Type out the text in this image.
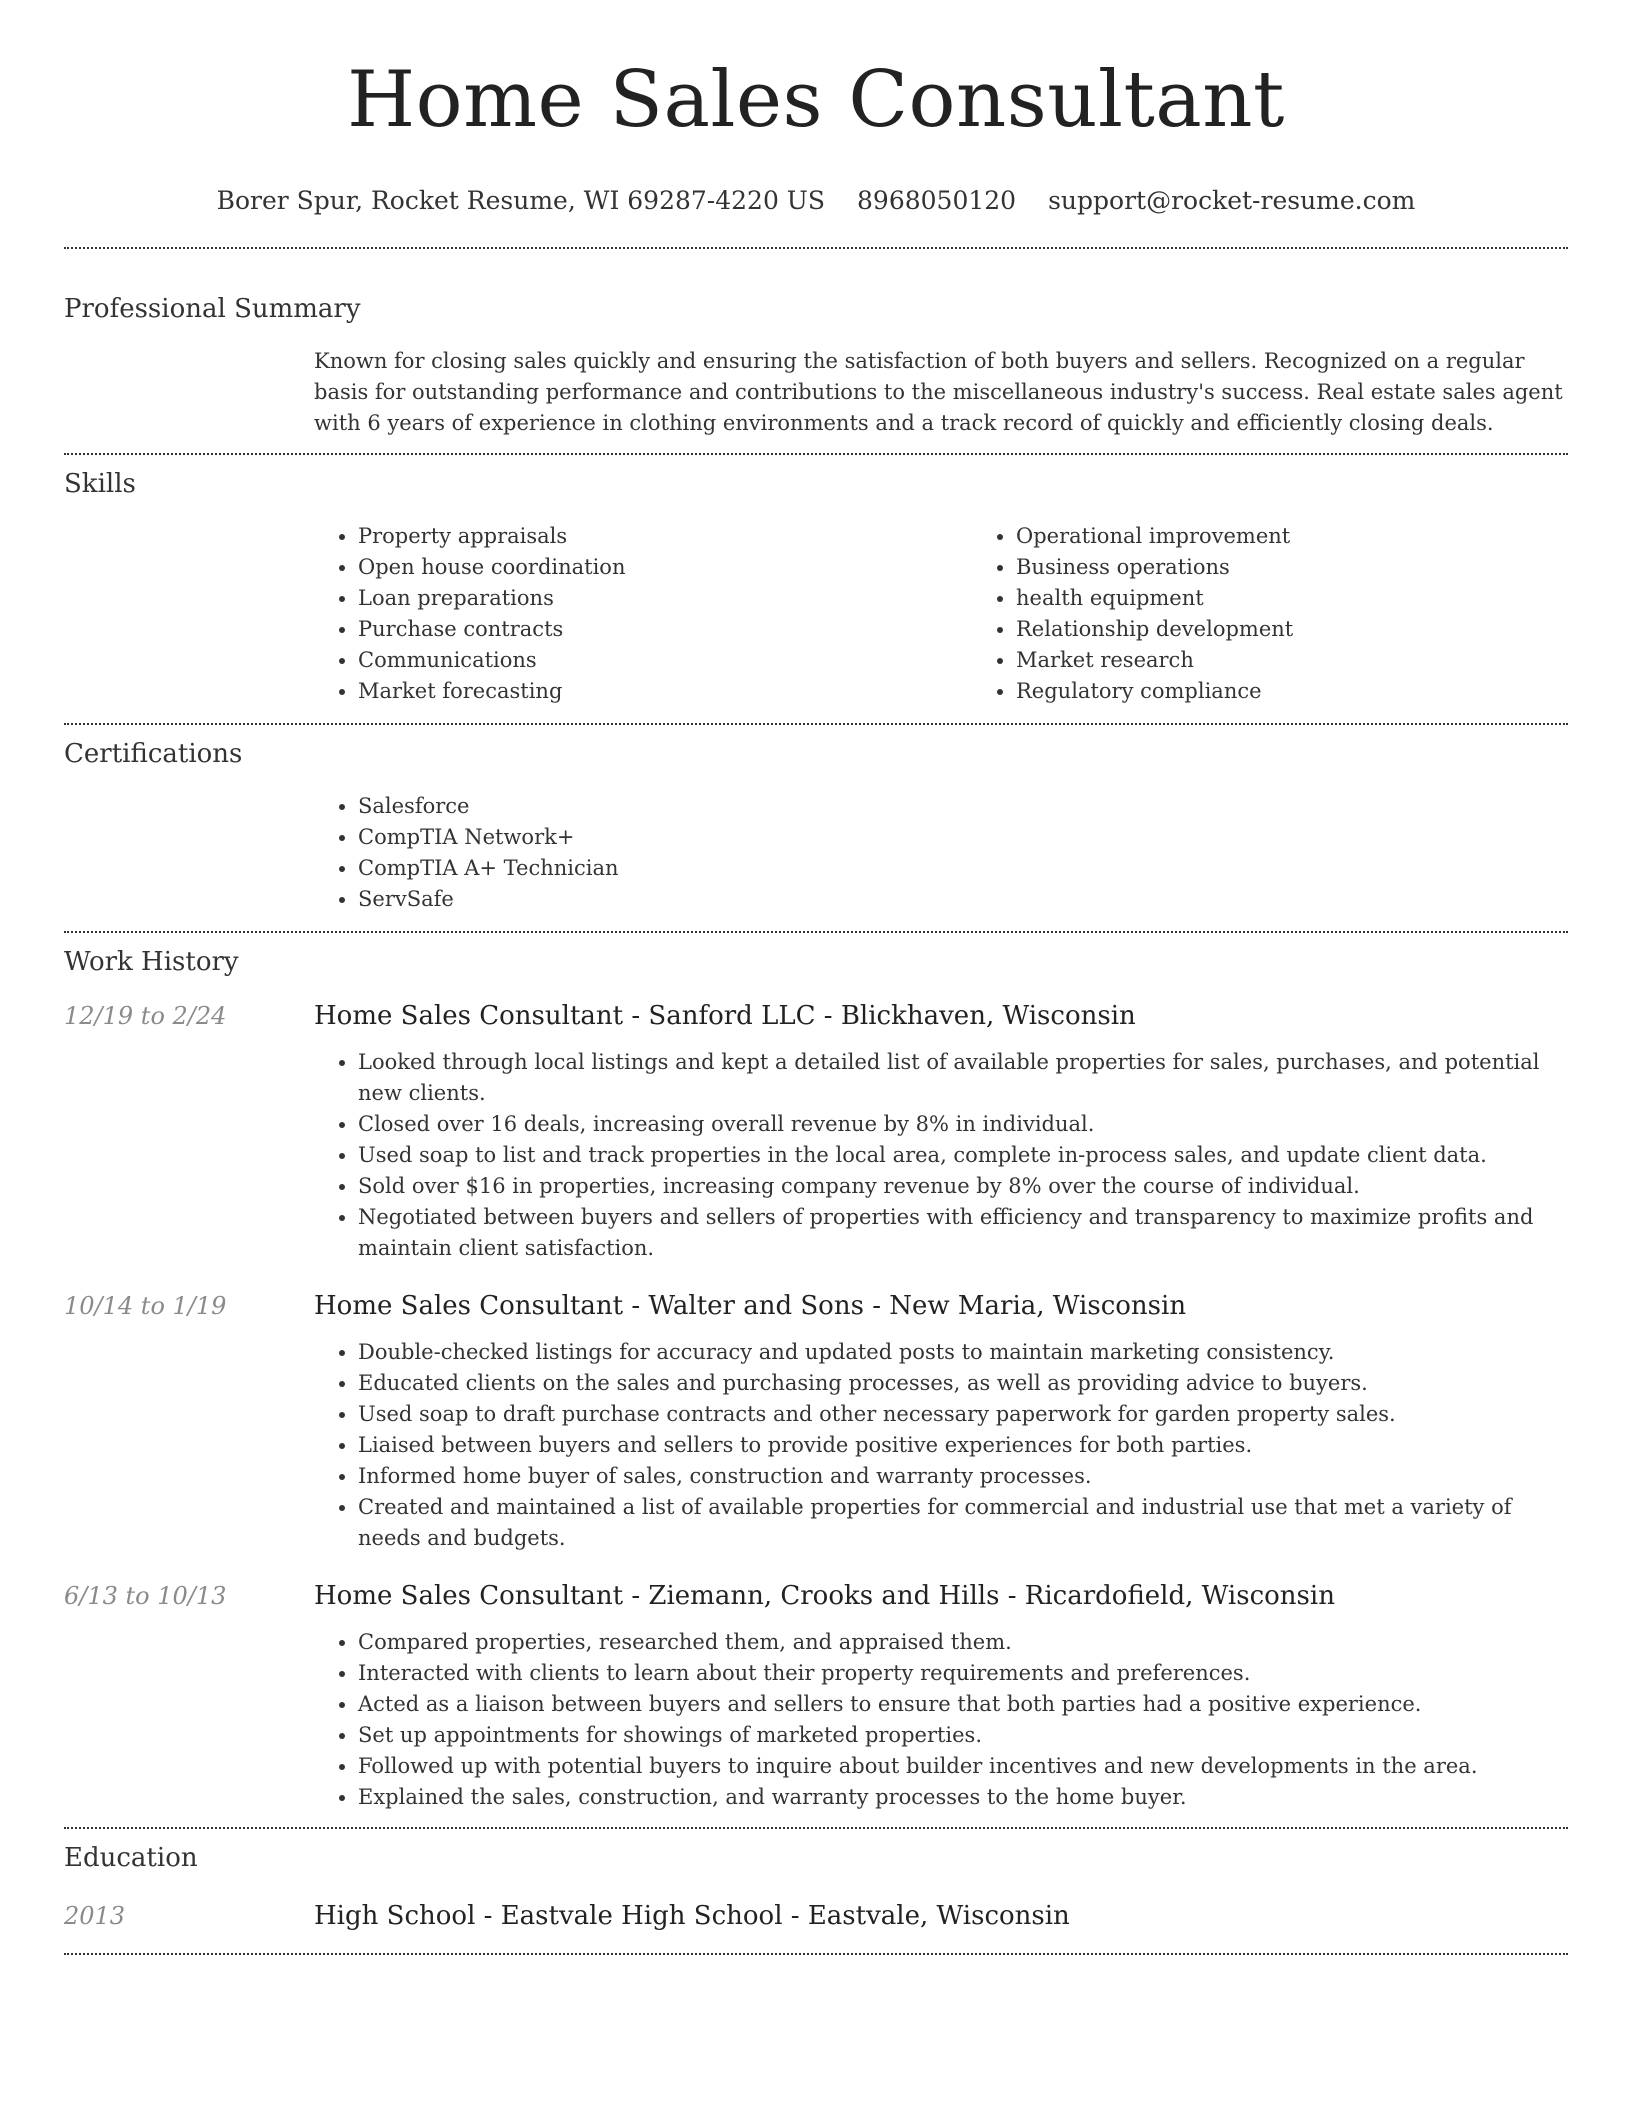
Home Sales Consultant
Borer Spur, Rocket Resume, WI 69287-4220 US 8968050120 support@rocket-resume.com
Professional Summary

Known for closing sales quickly and ensuring the satisfaction of both buyers and sellers. Recognized on a regular basis for outstanding performance and contributions to the miscellaneous industry's success. Real estate sales agent with 6 years of experience in clothing environments and a track record of quickly and efficiently closing deals.

Skills
• Property appraisals
• Open house coordination
• Loan preparations
• Purchase contracts
• Communications
• Market forecasting
• Operational improvement
• Business operations
• health equipment
• Relationship development
• Market research
• Regulatory compliance
Certifications
• Salesforce
• CompTIA Network+
• CompTIA A+ Technician
• ServSafe
Work History
12/19 to 2/24	Home Sales Consultant - Sanford LLC - Blickhaven, Wisconsin
• Looked through local listings and kept a detailed list of available properties for sales, purchases, and potential new clients.
• Closed over 16 deals, increasing overall revenue by 8% in individual.
• Used soap to list and track properties in the local area, complete in-process sales, and update client data.
• Sold over $16 in properties, increasing company revenue by 8% over the course of individual.
• Negotiated between buyers and sellers of properties with efficiency and transparency to maximize profits and maintain client satisfaction.
10/14 to 1/19	Home Sales Consultant - Walter and Sons - New Maria, Wisconsin
• Double-checked listings for accuracy and updated posts to maintain marketing consistency.
• Educated clients on the sales and purchasing processes, as well as providing advice to buyers.
• Used soap to draft purchase contracts and other necessary paperwork for garden property sales.
• Liaised between buyers and sellers to provide positive experiences for both parties.
• Informed home buyer of sales, construction and warranty processes.
• Created and maintained a list of available properties for commercial and industrial use that met a variety of needs and budgets.
6/13 to 10/13	Home Sales Consultant - Ziemann, Crooks and Hills - Ricardofield, Wisconsin
• Compared properties, researched them, and appraised them.
• Interacted with clients to learn about their property requirements and preferences.
• Acted as a liaison between buyers and sellers to ensure that both parties had a positive experience.
• Set up appointments for showings of marketed properties.
• Followed up with potential buyers to inquire about builder incentives and new developments in the area.
• Explained the sales, construction, and warranty processes to the home buyer.
Education
2013	High School - Eastvale High School - Eastvale, Wisconsin
